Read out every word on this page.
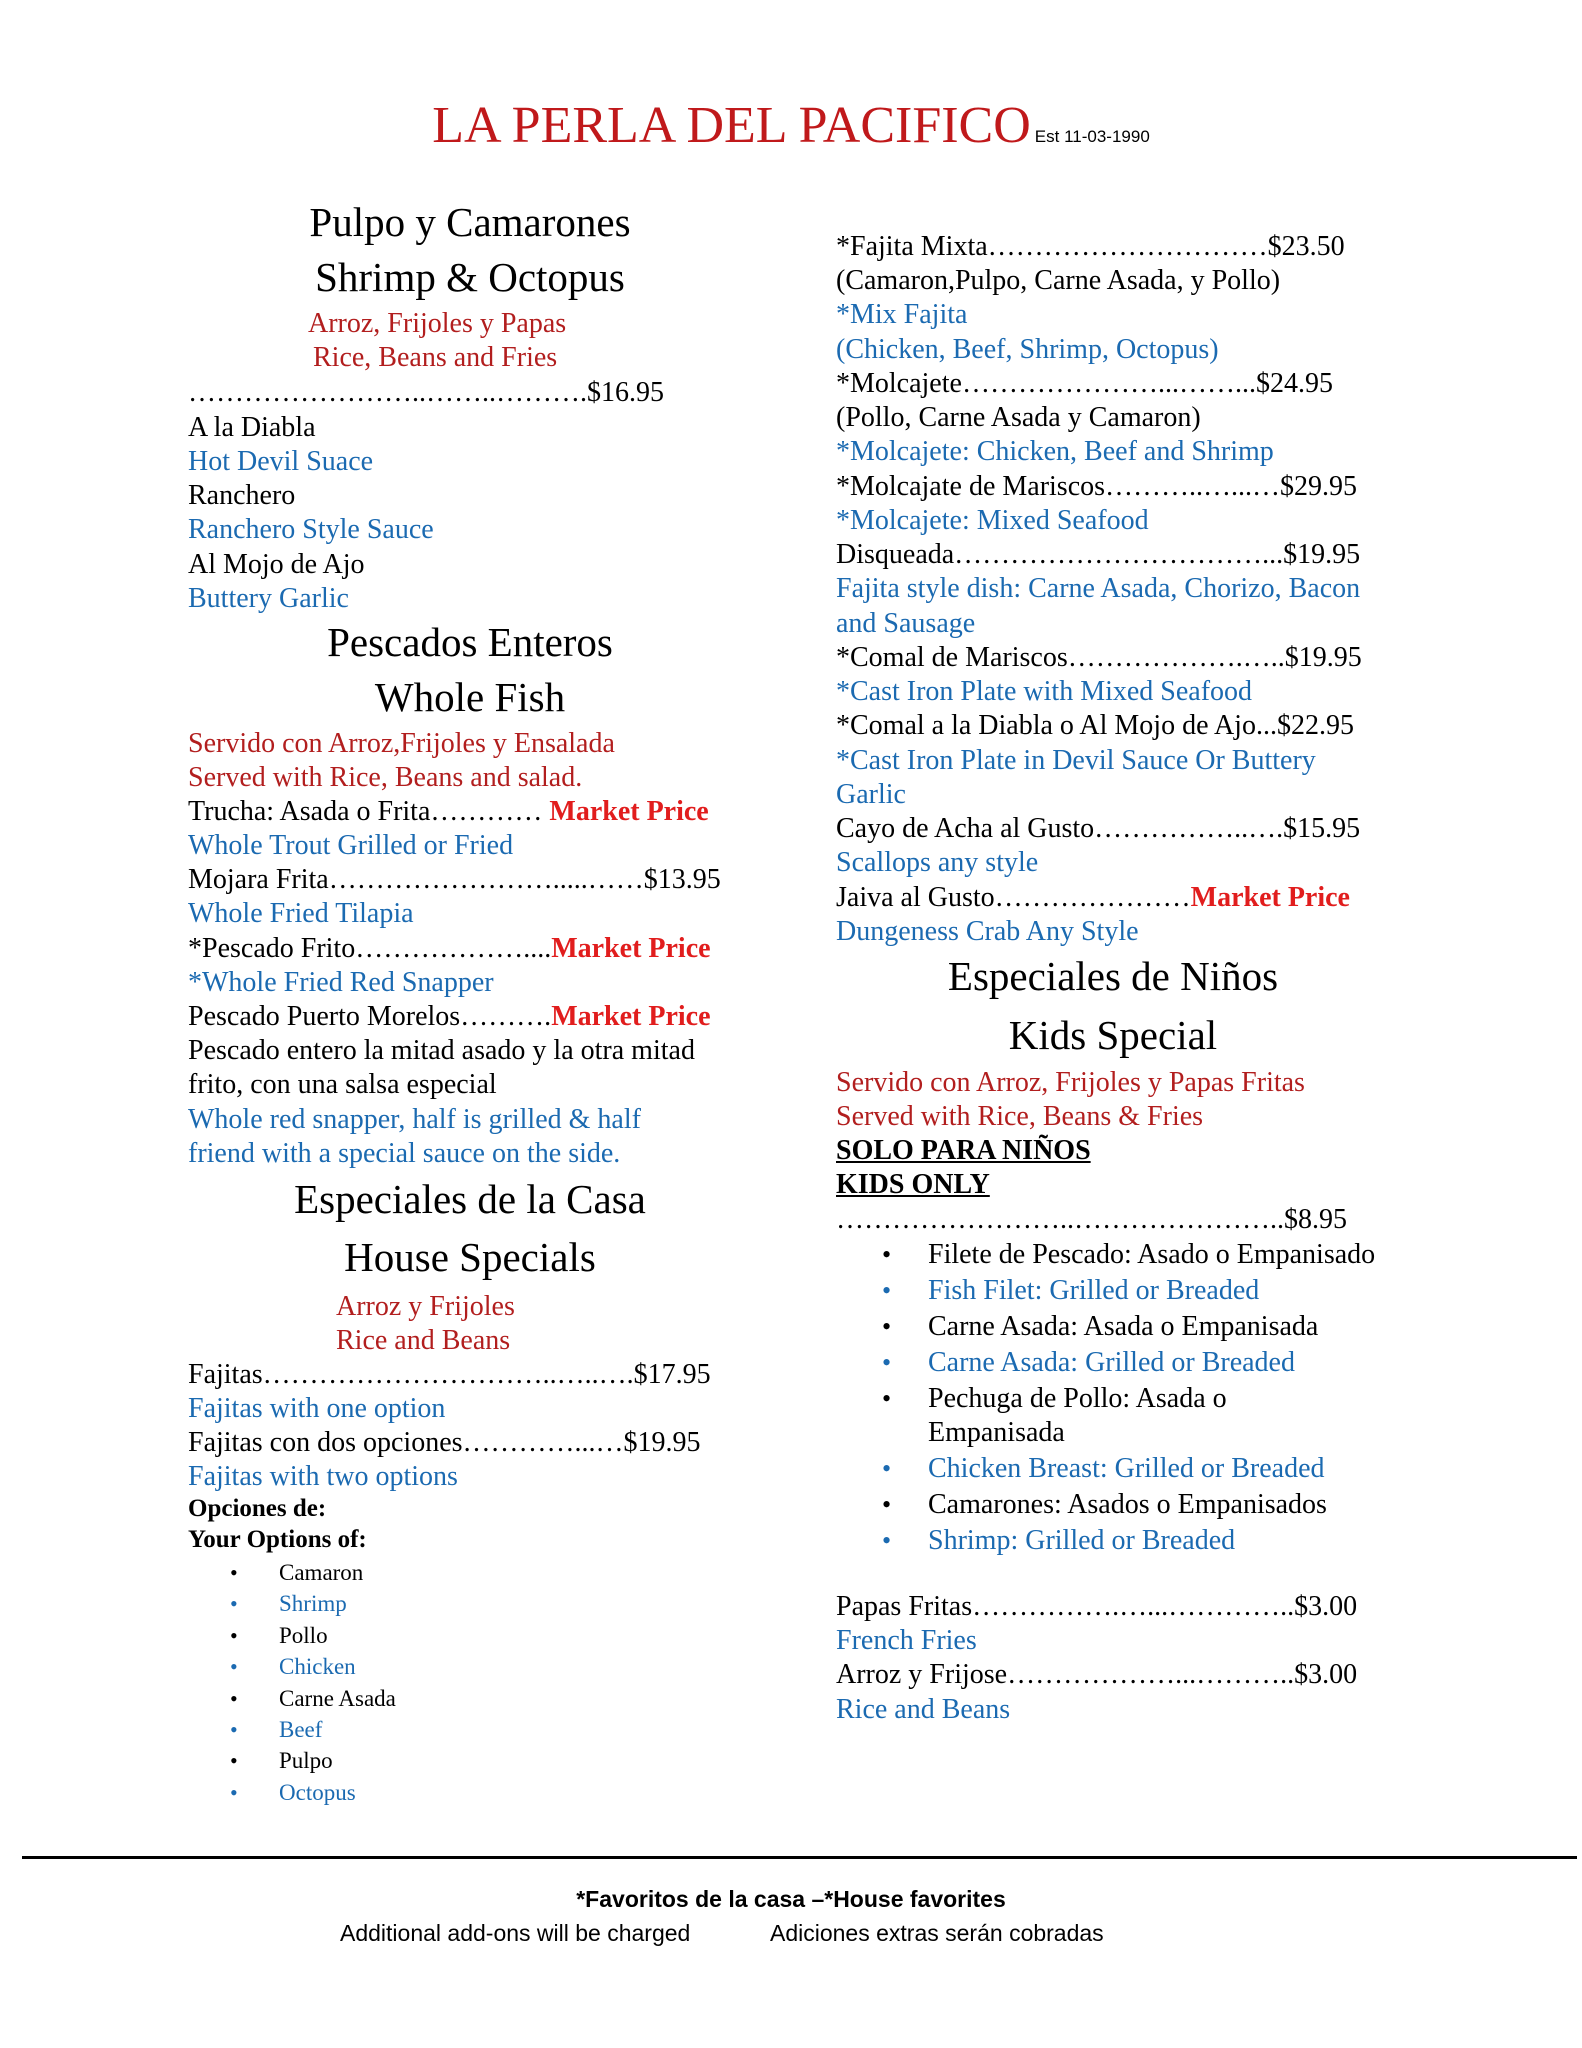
LA PERLA DEL PACIFICO Est 11-03-1990
Pulpo y Camarones
Shrimp & Octopus
Arroz, Frijoles y Papas
Rice, Beans and Fries
……………………..……..……….$16.95
A la Diabla
Hot Devil Suace
Ranchero
Ranchero Style Sauce
Al Mojo de Ajo
Buttery Garlic
Pescados Enteros
Whole Fish
Servido con Arroz,Frijoles y Ensalada
Served with Rice, Beans and salad.
Trucha: Asada o Frita………… Market Price
Whole Trout Grilled or Fried
Mojara Frita…………………….....……$13.95
Whole Fried Tilapia
*Pescado Frito………………....Market Price
*Whole Fried Red Snapper
Pescado Puerto Morelos……….Market Price
Pescado entero la mitad asado y la otra mitad
frito, con una salsa especial
Whole red snapper, half is grilled & half
friend with a special sauce on the side.
Especiales de la Casa
House Specials
Arroz y Frijoles
Rice and Beans
Fajitas…………………………..…..….$17.95
Fajitas with one option
Fajitas con dos opciones…………...…$19.95
Fajitas with two options
Opciones de:
Your Options of:
• Camaron
• Shrimp
• Pollo
• Chicken
• Carne Asada
• Beef
• Pulpo
• Octopus
*Fajita Mixta…………………………$23.50
(Camaron,Pulpo, Carne Asada, y Pollo)
*Mix Fajita
(Chicken, Beef, Shrimp, Octopus)
*Molcajete…………………...……...$24.95
(Pollo, Carne Asada y Camaron)
*Molcajete: Chicken, Beef and Shrimp
*Molcajate de Mariscos………..…...…$29.95
*Molcajete: Mixed Seafood
Disqueada……………………………...$19.95
Fajita style dish: Carne Asada, Chorizo, Bacon
and Sausage
*Comal de Mariscos……………….…..$19.95
*Cast Iron Plate with Mixed Seafood
*Comal a la Diabla o Al Mojo de Ajo...$22.95
*Cast Iron Plate in Devil Sauce Or Buttery
Garlic
Cayo de Acha al Gusto……………..….$15.95
Scallops any style
Jaiva al Gusto…………………Market Price
Dungeness Crab Any Style
Especiales de Niños
Kids Special
Servido con Arroz, Frijoles y Papas Fritas
Served with Rice, Beans & Fries
SOLO PARA NIÑOS
KIDS ONLY
……………………..…………………..$8.95
• Filete de Pescado: Asado o Empanisado
• Fish Filet: Grilled or Breaded
• Carne Asada: Asada o Empanisada
• Carne Asada: Grilled or Breaded
• Pechuga de Pollo: Asada o Empanisada
• Chicken Breast: Grilled or Breaded
• Camarones: Asados o Empanisados
• Shrimp: Grilled or Breaded
Papas Fritas…………….…...…………..$3.00
French Fries
Arroz y Frijose………………...………..$3.00
Rice and Beans
*Favoritos de la casa –*House favorites
Additional add-ons will be charged	Adiciones extras serán cobradas
